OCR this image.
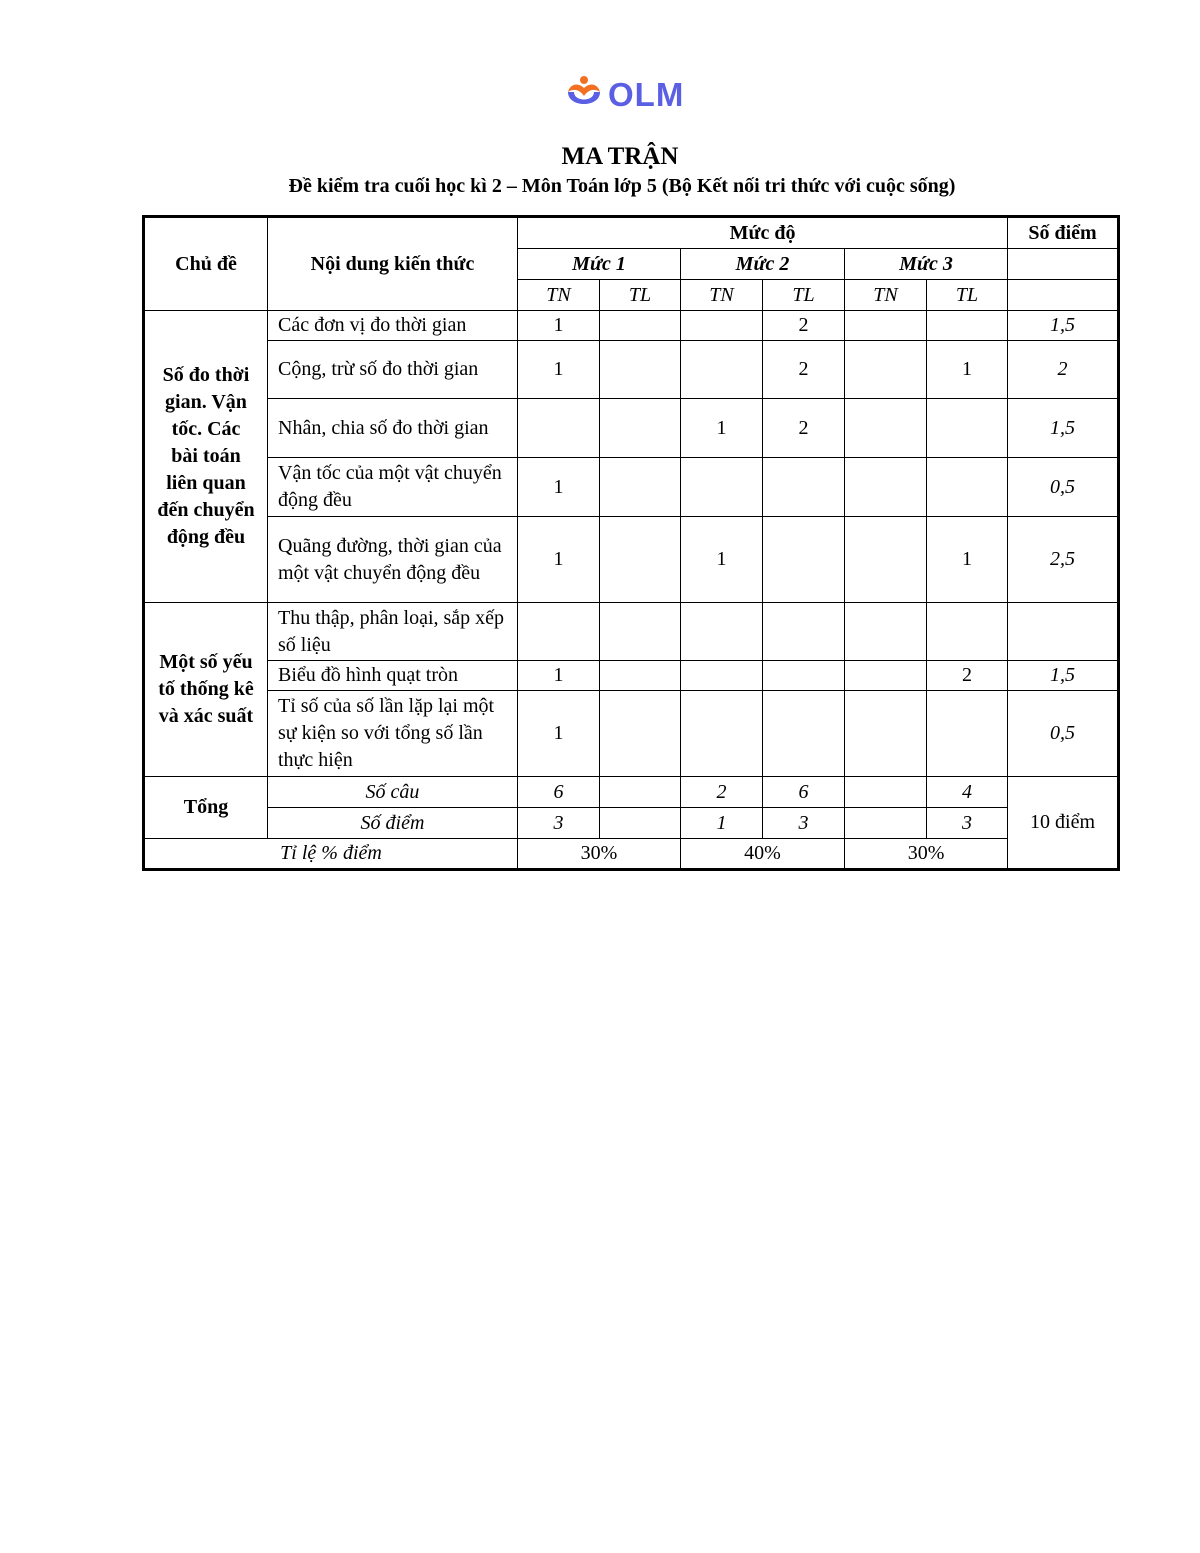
OLM
MA TRẬN
Đề kiểm tra cuối học kì 2 – Môn Toán lớp 5 (Bộ Kết nối tri thức với cuộc sống)
Chủ đề	Nội dung kiến thức	Mức độ						Số điểm
		Mức 1		Mức 2		Mức 3		
		TN	TL	TN	TL	TN	TL	
Số đo thời gian. Vận tốc. Các bài toán liên quan đến chuyển động đều	Các đơn vị đo thời gian	1			2			1,5
	Cộng, trừ số đo thời gian	1			2		1	2
	Nhân, chia số đo thời gian			1	2			1,5
	Vận tốc của một vật chuyển động đều	1						0,5
	Quãng đường, thời gian của một vật chuyển động đều	1		1			1	2,5
Một số yếu tố thống kê và xác suất	Thu thập, phân loại, sắp xếp số liệu							
	Biểu đồ hình quạt tròn	1					2	1,5
	Tỉ số của số lần lặp lại một sự kiện so với tổng số lần thực hiện	1						0,5
Tổng	Số câu	6		2	6		4	10 điểm
	Số điểm	3		1	3		3	
Tỉ lệ % điểm		30%		40%		30%		
